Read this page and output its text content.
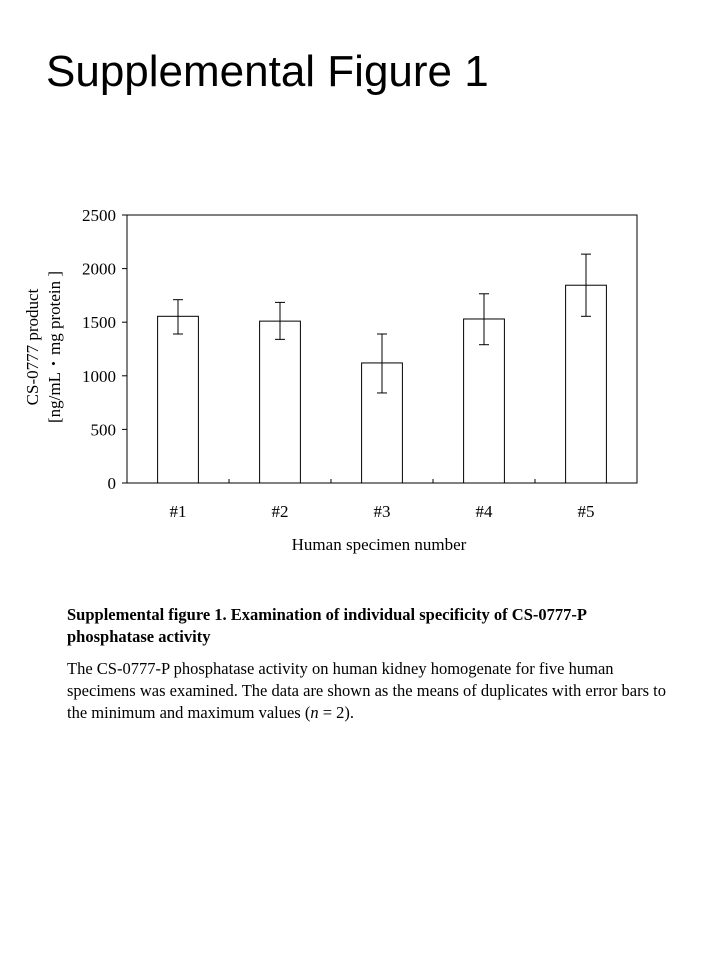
Supplemental Figure 1
CS-0777 product [ng/mL・mg protein ]
0
500
1000
1500
2000
2500
#1	#2	#3	#4	#5
Human specimen number

Supplemental figure 1. Examination of individual specificity of CS-0777-P phosphatase activity

The CS-0777-P phosphatase activity on human kidney homogenate for five human specimens was examined. The data are shown as the means of duplicates with error bars to the minimum and maximum values (n = 2).
